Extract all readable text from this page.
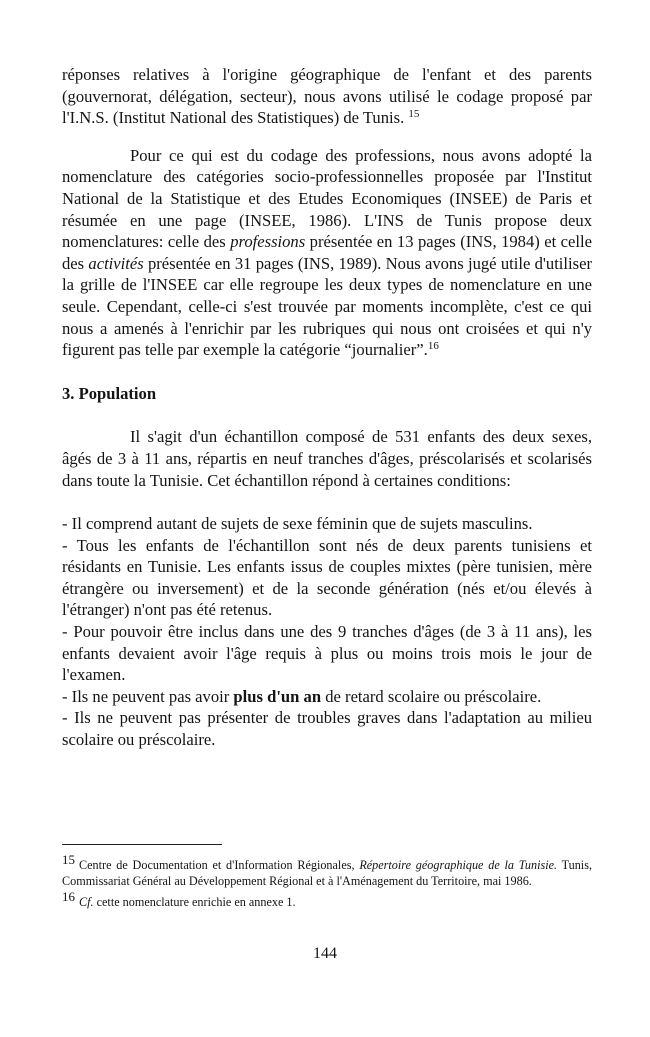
réponses relatives à l'origine géographique de l'enfant et des parents (gouvernorat, délégation, secteur), nous avons utilisé le codage proposé par l'I.N.S. (Institut National des Statistiques) de Tunis. $^{15}$

Pour ce qui est du codage des professions, nous avons adopté la nomenclature des catégories socio-professionnelles proposée par l'Institut National de la Statistique et des Etudes Economiques (INSEE) de Paris et résumée en une page (INSEE, 1986). L'INS de Tunis propose deux nomenclatures: celle des professions présentée en 13 pages (INS, 1984) et celle des activités présentée en 31 pages (INS, 1989). Nous avons jugé utile d'utiliser la grille de l'INSEE car elle regroupe les deux types de nomenclature en une seule. Cependant, celle-ci s'est trouvée par moments incomplète, c'est ce qui nous a amenés à l'enrichir par les rubriques qui nous ont croisées et qui n'y figurent pas telle par exemple la catégorie “journalier”.$^{16}$

3. Population

Il s'agit d'un échantillon composé de 531 enfants des deux sexes, âgés de 3 à 11 ans, répartis en neuf tranches d'âges, préscolarisés et scolarisés dans toute la Tunisie. Cet échantillon répond à certaines conditions:

- Il comprend autant de sujets de sexe féminin que de sujets masculins.

- Tous les enfants de l'échantillon sont nés de deux parents tunisiens et résidants en Tunisie. Les enfants issus de couples mixtes (père tunisien, mère étrangère ou inversement) et de la seconde génération (nés et/ou élevés à l'étranger) n'ont pas été retenus.

- Pour pouvoir être inclus dans une des 9 tranches d'âges (de 3 à 11 ans), les enfants devaient avoir l'âge requis à plus ou moins trois mois le jour de l'examen.

- Ils ne peuvent pas avoir plus d'un an de retard scolaire ou préscolaire.

- Ils ne peuvent pas présenter de troubles graves dans l'adaptation au milieu scolaire ou préscolaire.

15 Centre de Documentation et d'Information Régionales, Répertoire géographique de la Tunisie. Tunis, Commissariat Général au Développement Régional et à l'Aménagement du Territoire, mai 1986.

16 Cf. cette nomenclature enrichie en annexe 1.

144
